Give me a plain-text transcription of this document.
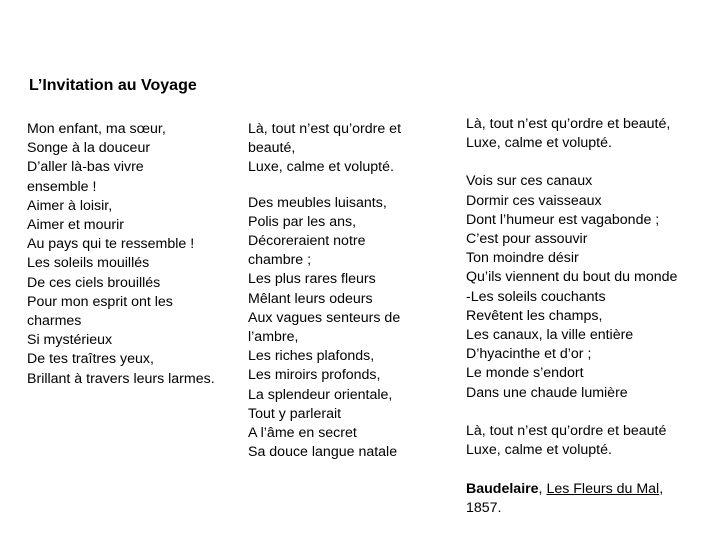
L’Invitation au Voyage
Mon enfant, ma sœur,
Songe à la douceur
D’aller là-bas vivre
ensemble !
Aimer à loisir,
Aimer et mourir
Au pays qui te ressemble !
Les soleils mouillés
De ces ciels brouillés
Pour mon esprit ont les
charmes
Si mystérieux
De tes traîtres yeux,
Brillant à travers leurs larmes.
Là, tout n’est qu’ordre et
beauté,
Luxe, calme et volupté.
Des meubles luisants,
Polis par les ans,
Décoreraient notre
chambre ;
Les plus rares fleurs
Mêlant leurs odeurs
Aux vagues senteurs de
l’ambre,
Les riches plafonds,
Les miroirs profonds,
La splendeur orientale,
Tout y parlerait
A l’âme en secret
Sa douce langue natale
Là, tout n’est qu’ordre et beauté,
Luxe, calme et volupté.
Vois sur ces canaux
Dormir ces vaisseaux
Dont l’humeur est vagabonde ;
C’est pour assouvir
Ton moindre désir
Qu’ils viennent du bout du monde
-Les soleils couchants
Revêtent les champs,
Les canaux, la ville entière
D’hyacinthe et d’or ;
Le monde s’endort
Dans une chaude lumière
Là, tout n’est qu’ordre et beauté
Luxe, calme et volupté.
Baudelaire, Les Fleurs du Mal,
1857.
